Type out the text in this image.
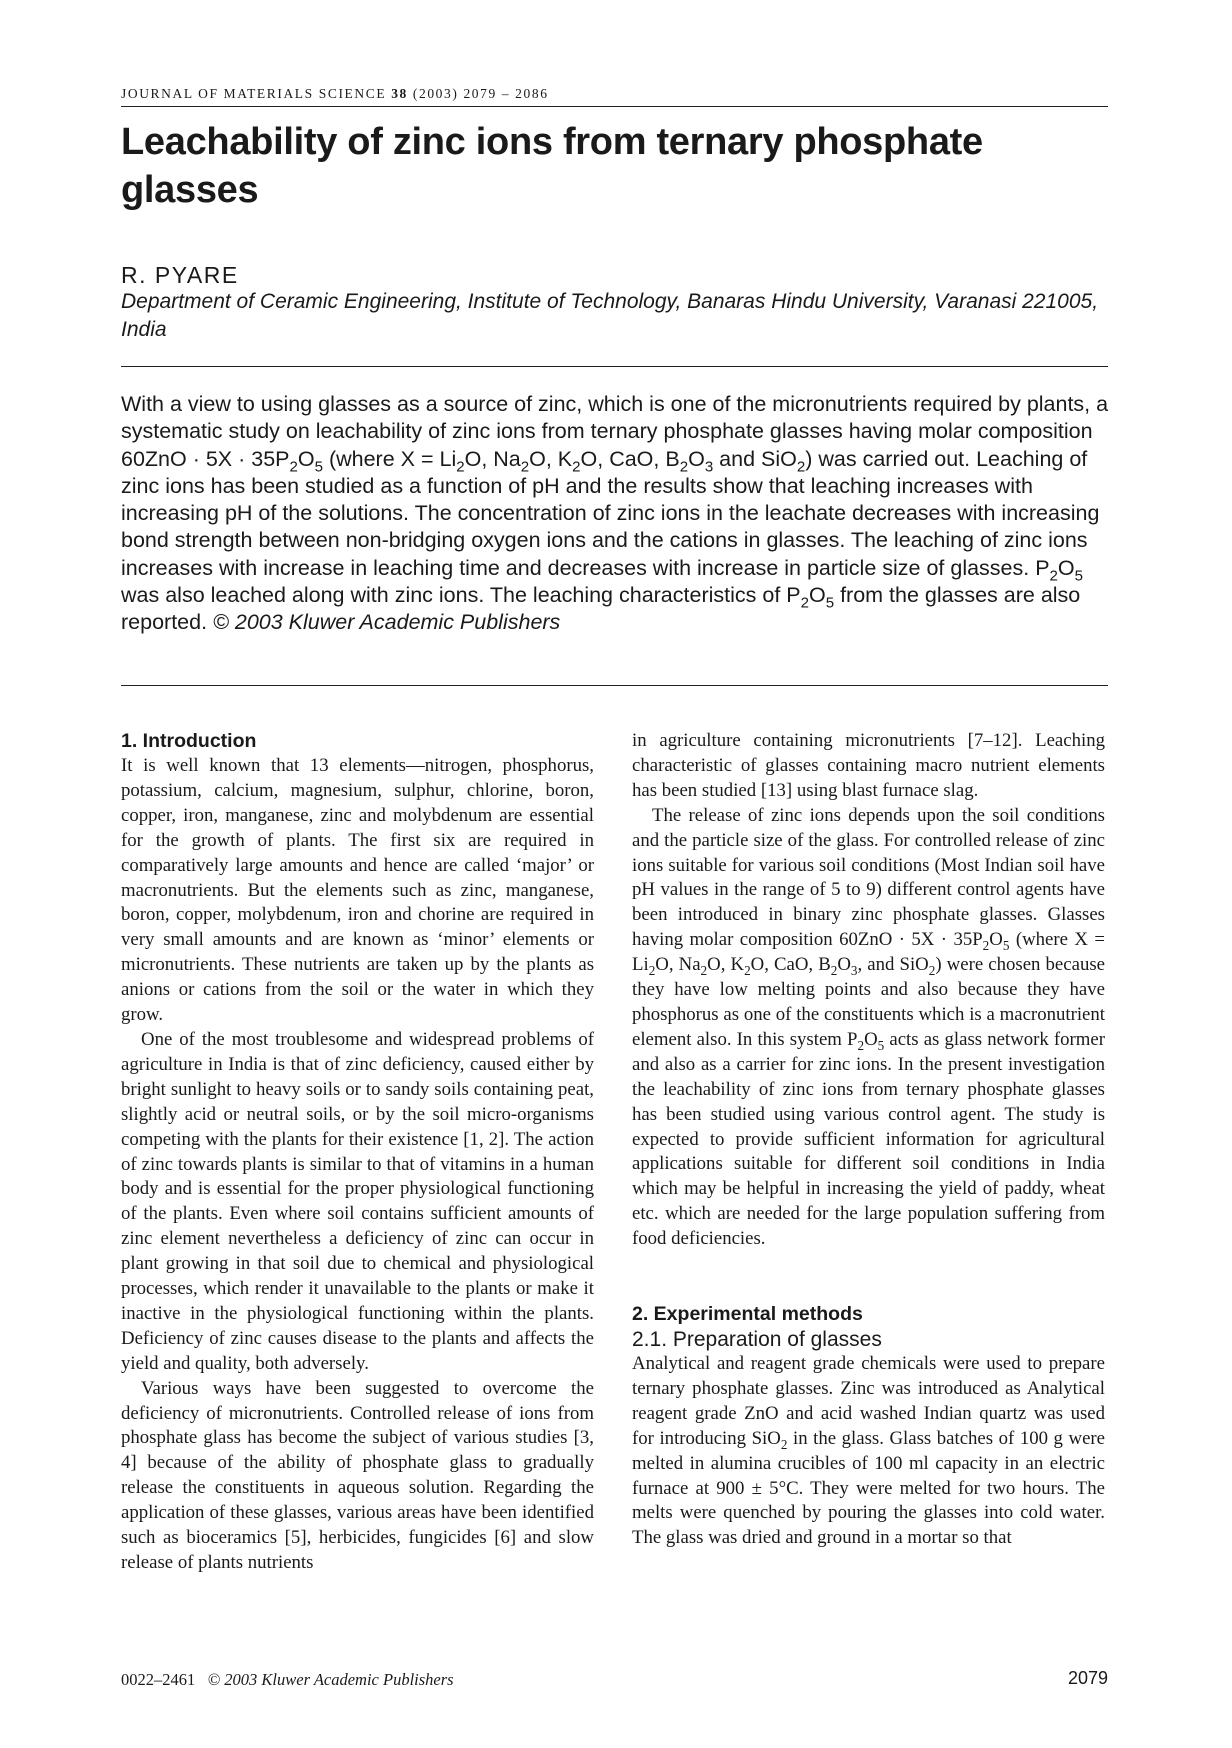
JOURNAL OF MATERIALS SCIENCE 38 (2003) 2079 – 2086
Leachability of zinc ions from ternary phosphate glasses
R. PYARE
Department of Ceramic Engineering, Institute of Technology, Banaras Hindu University, Varanasi 221005, India
With a view to using glasses as a source of zinc, which is one of the micronutrients required by plants, a systematic study on leachability of zinc ions from ternary phosphate glasses having molar composition $60ZnO \cdot 5X \cdot 35P_2O_5$ (where $X = Li_2O$, $Na_2O$, $K_2O$, CaO, $B_2O_3$ and SiO$_2$) was carried out. Leaching of zinc ions has been studied as a function of pH and the results show that leaching increases with increasing pH of the solutions. The concentration of zinc ions in the leachate decreases with increasing bond strength between non-bridging oxygen ions and the cations in glasses. The leaching of zinc ions increases with increase in leaching time and decreases with increase in particle size of glasses. $P_2O_5$ was also leached along with zinc ions. The leaching characteristics of $P_2O_5$ from the glasses are also reported. © 2003 Kluwer Academic Publishers
1. Introduction

It is well known that 13 elements—nitrogen, phosphorus, potassium, calcium, magnesium, sulphur, chlorine, boron, copper, iron, manganese, zinc and molybdenum are essential for the growth of plants. The first six are required in comparatively large amounts and hence are called ‘major’ or macronutrients. But the elements such as zinc, manganese, boron, copper, molybdenum, iron and chorine are required in very small amounts and are known as ‘minor’ elements or micronutrients. These nutrients are taken up by the plants as anions or cations from the soil or the water in which they grow.

One of the most troublesome and widespread problems of agriculture in India is that of zinc deficiency, caused either by bright sunlight to heavy soils or to sandy soils containing peat, slightly acid or neutral soils, or by the soil micro-organisms competing with the plants for their existence [1, 2]. The action of zinc towards plants is similar to that of vitamins in a human body and is essential for the proper physiological functioning of the plants. Even where soil contains sufficient amounts of zinc element nevertheless a deficiency of zinc can occur in plant growing in that soil due to chemical and physiological processes, which render it unavailable to the plants or make it inactive in the physiological functioning within the plants. Deficiency of zinc causes disease to the plants and affects the yield and quality, both adversely.

Various ways have been suggested to overcome the deficiency of micronutrients. Controlled release of ions from phosphate glass has become the subject of various studies [3, 4] because of the ability of phosphate glass to gradually release the constituents in aqueous solution. Regarding the application of these glasses, various areas have been identified such as bioceramics [5], herbicides, fungicides [6] and slow release of plants nutrients

in agriculture containing micronutrients [7–12]. Leaching characteristic of glasses containing macro nutrient elements has been studied [13] using blast furnace slag.

The release of zinc ions depends upon the soil conditions and the particle size of the glass. For controlled release of zinc ions suitable for various soil conditions (Most Indian soil have pH values in the range of 5 to 9) different control agents have been introduced in binary zinc phosphate glasses. Glasses having molar composition $60ZnO \cdot 5X \cdot 35P_2O_5$ (where $X = Li_2O$, $Na_2O$, $K_2O$, CaO, $B_2O_3$, and SiO$_2$) were chosen because they have low melting points and also because they have phosphorus as one of the constituents which is a macronutrient element also. In this system $P_2O_5$ acts as glass network former and also as a carrier for zinc ions. In the present investigation the leachability of zinc ions from ternary phosphate glasses has been studied using various control agent. The study is expected to provide sufficient information for agricultural applications suitable for different soil conditions in India which may be helpful in increasing the yield of paddy, wheat etc. which are needed for the large population suffering from food deficiencies.

2. Experimental methods
2.1. Preparation of glasses

Analytical and reagent grade chemicals were used to prepare ternary phosphate glasses. Zinc was introduced as Analytical reagent grade ZnO and acid washed Indian quartz was used for introducing SiO$_2$ in the glass. Glass batches of 100 g were melted in alumina crucibles of 100 ml capacity in an electric furnace at 900 ± 5°C. They were melted for two hours. The melts were quenched by pouring the glasses into cold water. The glass was dried and ground in a mortar so that

0022–2461 © 2003 Kluwer Academic Publishers	2079
